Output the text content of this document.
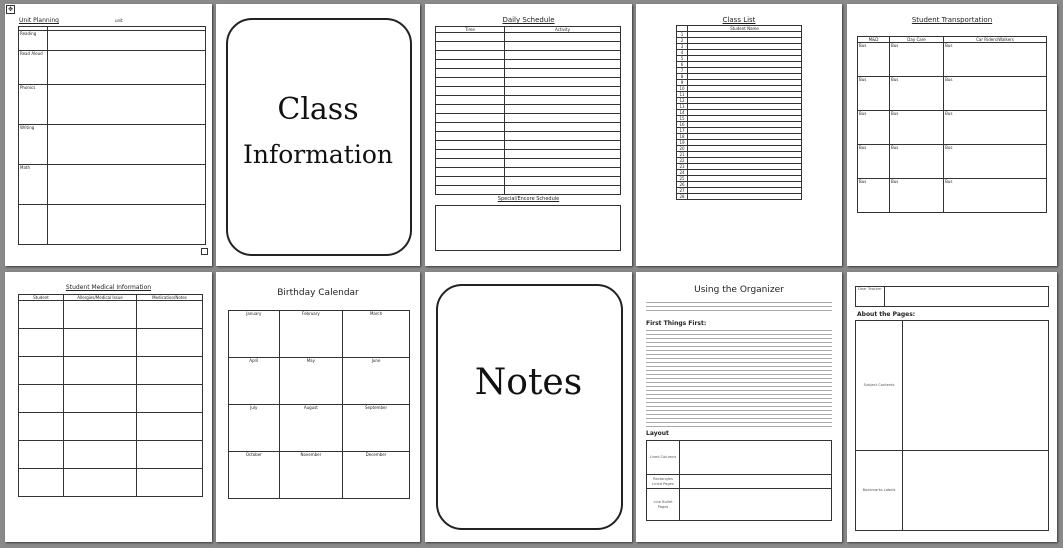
✥
Unit Planning	unit

Reading	
Read Aloud	
Phonics	
Writing	
Math	

Class
Information
Daily Schedule
Time	Activity

Special/Encore Schedule
Class List
	Student Name
1	
2	
3	
4	
5	
6	
7	
8	
9	
10	
11	
12	
13	
14	
15	
16	
17	
18	
19	
20	
21	
22	
23	
24	
25	
26	
27	
28	
Student Transportation
M&D	Day Care	Car Riders/Walkers
Bus	Bus	Bus
Bus	Bus	Bus
Bus	Bus	Bus
Bus	Bus	Bus
Bus	Bus	Bus
Student Medical Information
Student	Allergies/Medical Issue	Medication/Notes

			Birthday Calendar
January	February	March
April	May	June
July	August	September
October	November	December
Notes
Using the Organizer
First Things First:
Layout
Lined Columns	
Rectangles Lined Pages	
Line Bullet Pages	
Dear Teacher	
About the Pages:
Subject Contents	
Bookmarks Labels	
